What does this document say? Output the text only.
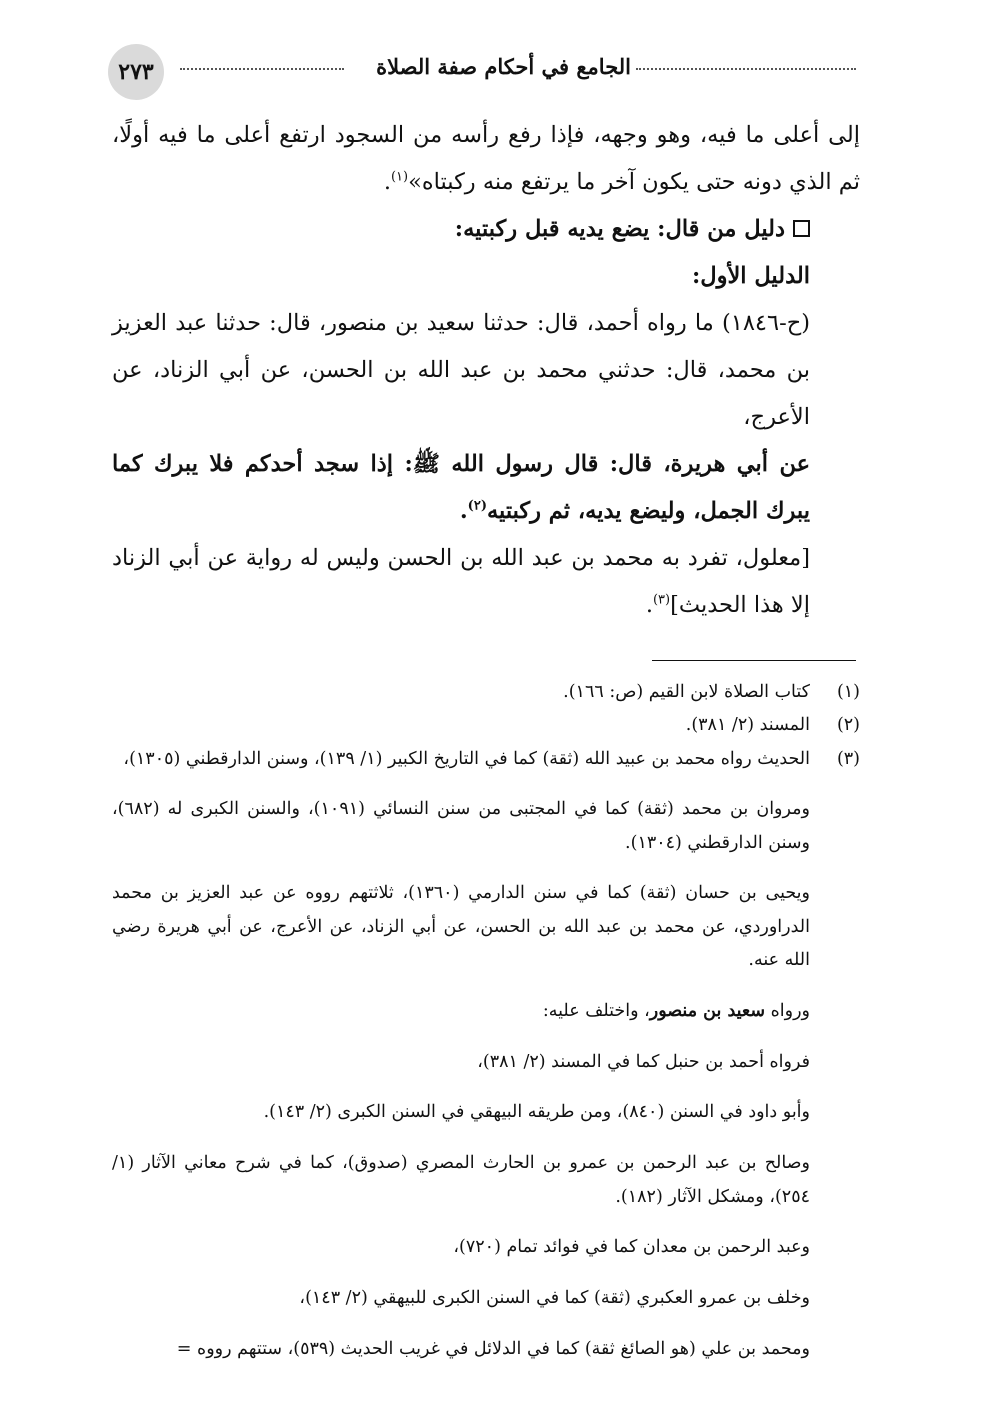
الجامع في أحكام صفة الصلاة
٢٧٣

إلى أعلى ما فيه، وهو وجهه، فإذا رفع رأسه من السجود ارتفع أعلى ما فيه أولًا، ثم الذي دونه حتى يكون آخر ما يرتفع منه ركبتاه»$^{(١)}$.

دليل من قال: يضع يديه قبل ركبتيه:

الدليل الأول:

(ح-١٨٤٦) ما رواه أحمد، قال: حدثنا سعيد بن منصور، قال: حدثنا عبد العزيز بن محمد، قال: حدثني محمد بن عبد الله بن الحسن، عن أبي الزناد، عن الأعرج،

عن أبي هريرة، قال: قال رسول الله ﷺ: إذا سجد أحدكم فلا يبرك كما يبرك الجمل، وليضع يديه، ثم ركبتيه$^{(٢)}$.

[معلول، تفرد به محمد بن عبد الله بن الحسن وليس له رواية عن أبي الزناد إلا هذا الحديث]$^{(٣)}$.

(١)
كتاب الصلاة لابن القيم (ص: ١٦٦).
(٢)
المسند (٢/ ٣٨١).
(٣)
الحديث رواه محمد بن عبيد الله (ثقة) كما في التاريخ الكبير (١/ ١٣٩)، وسنن الدارقطني (١٣٠٥)،

ومروان بن محمد (ثقة) كما في المجتبى من سنن النسائي (١٠٩١)، والسنن الكبرى له (٦٨٢)، وسنن الدارقطني (١٣٠٤).

ويحيى بن حسان (ثقة) كما في سنن الدارمي (١٣٦٠)، ثلاثتهم رووه عن عبد العزيز بن محمد الدراوردي، عن محمد بن عبد الله بن الحسن، عن أبي الزناد، عن الأعرج، عن أبي هريرة رضي الله عنه.

ورواه سعيد بن منصور، واختلف عليه:

فرواه أحمد بن حنبل كما في المسند (٢/ ٣٨١)،

وأبو داود في السنن (٨٤٠)، ومن طريقه البيهقي في السنن الكبرى (٢/ ١٤٣).

وصالح بن عبد الرحمن بن عمرو بن الحارث المصري (صدوق)، كما في شرح معاني الآثار (١/ ٢٥٤)، ومشكل الآثار (١٨٢).

وعبد الرحمن بن معدان كما في فوائد تمام (٧٢٠)،

وخلف بن عمرو العكبري (ثقة) كما في السنن الكبرى للبيهقي (٢/ ١٤٣)،

ومحمد بن علي (هو الصائغ ثقة) كما في الدلائل في غريب الحديث (٥٣٩)، ستتهم رووه =
